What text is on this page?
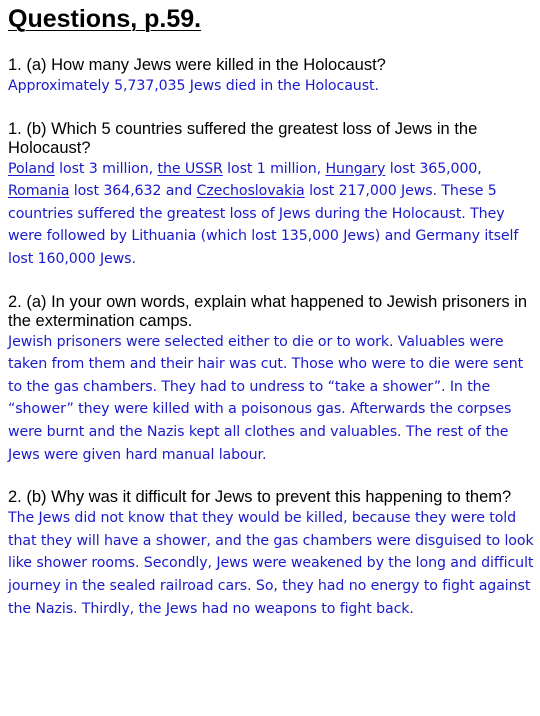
Questions, p.59.

1. (a) How many Jews were killed in the Holocaust?

Approximately 5,737,035 Jews died in the Holocaust.

1. (b) Which 5 countries suffered the greatest loss of Jews in the Holocaust?

Poland lost 3 million, the USSR lost 1 million, Hungary lost 365,000, Romania lost 364,632 and Czechoslovakia lost 217,000 Jews. These 5 countries suffered the greatest loss of Jews during the Holocaust. They were followed by Lithuania (which lost 135,000 Jews) and Germany itself lost 160,000 Jews.

2. (a) In your own words, explain what happened to Jewish prisoners in the extermination camps.

Jewish prisoners were selected either to die or to work. Valuables were taken from them and their hair was cut. Those who were to die were sent to the gas chambers. They had to undress to “take a shower”. In the “shower” they were killed with a poisonous gas. Afterwards the corpses were burnt and the Nazis kept all clothes and valuables. The rest of the Jews were given hard manual labour.

2. (b) Why was it difficult for Jews to prevent this happening to them?

The Jews did not know that they would be killed, because they were told that they will have a shower, and the gas chambers were disguised to look like shower rooms. Secondly, Jews were weakened by the long and difficult journey in the sealed railroad cars. So, they had no energy to fight against the Nazis. Thirdly, the Jews had no weapons to fight back.
